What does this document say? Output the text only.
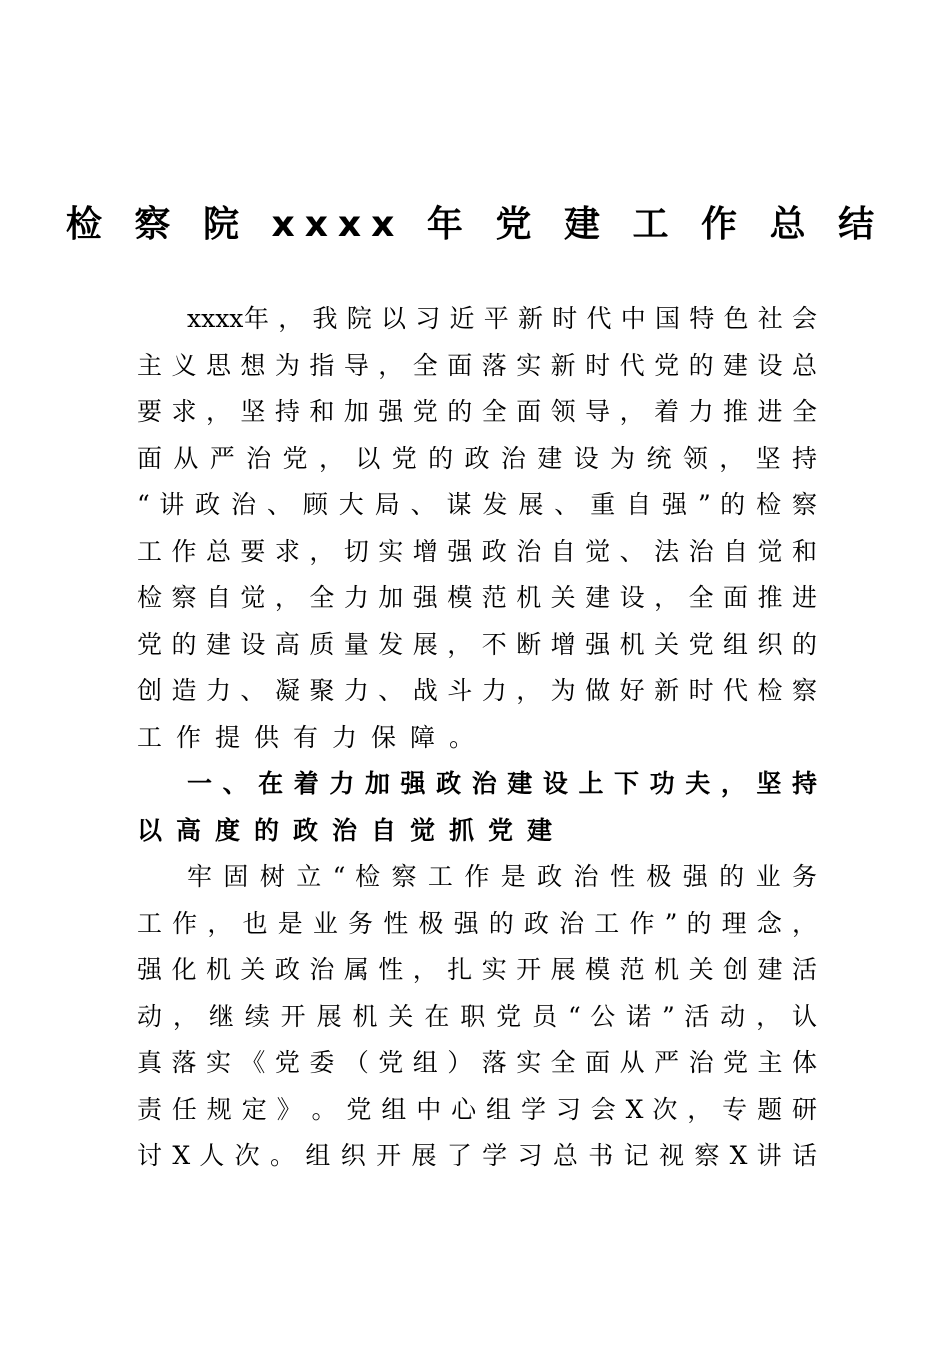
检 察 院 xxxx 年 党 建 工 作 总 结
xxxx年 ， 我 院 以 习 近 平 新 时 代 中 国 特 色 社 会
主 义 思 想 为 指 导 ， 全 面 落 实 新 时 代 党 的 建 设 总
要 求 ， 坚 持 和 加 强 党 的 全 面 领 导 ， 着 力 推 进 全
面 从 严 治 党 ， 以 党 的 政 治 建 设 为 统 领 ， 坚 持
“ 讲 政 治 、 顾 大 局 、 谋 发 展 、 重 自 强 ” 的 检 察
工 作 总 要 求 ， 切 实 增 强 政 治 自 觉 、 法 治 自 觉 和
检 察 自 觉 ， 全 力 加 强 模 范 机 关 建 设 ， 全 面 推 进
党 的 建 设 高 质 量 发 展 ， 不 断 增 强 机 关 党 组 织 的
创 造 力 、 凝 聚 力 、 战 斗 力 ， 为 做 好 新 时 代 检 察
工作提供有力保障。
一 、 在 着 力 加 强 政 治 建 设 上 下 功 夫 ， 坚 持
以高度的政治自觉抓党建
牢 固 树 立 “ 检 察 工 作 是 政 治 性 极 强 的 业 务
工 作 ， 也 是 业 务 性 极 强 的 政 治 工 作 ” 的 理 念 ，
强 化 机 关 政 治 属 性 ， 扎 实 开 展 模 范 机 关 创 建 活
动 ， 继 续 开 展 机 关 在 职 党 员 “ 公 诺 ” 活 动 ， 认
真 落 实 《 党 委 （ 党 组 ） 落 实 全 面 从 严 治 党 主 体
责 任 规 定 》 。 党 组 中 心 组 学 习 会 X 次 ， 专 题 研
讨 X 人 次 。 组 织 开 展 了 学 习 总 书 记 视 察 X 讲 话
